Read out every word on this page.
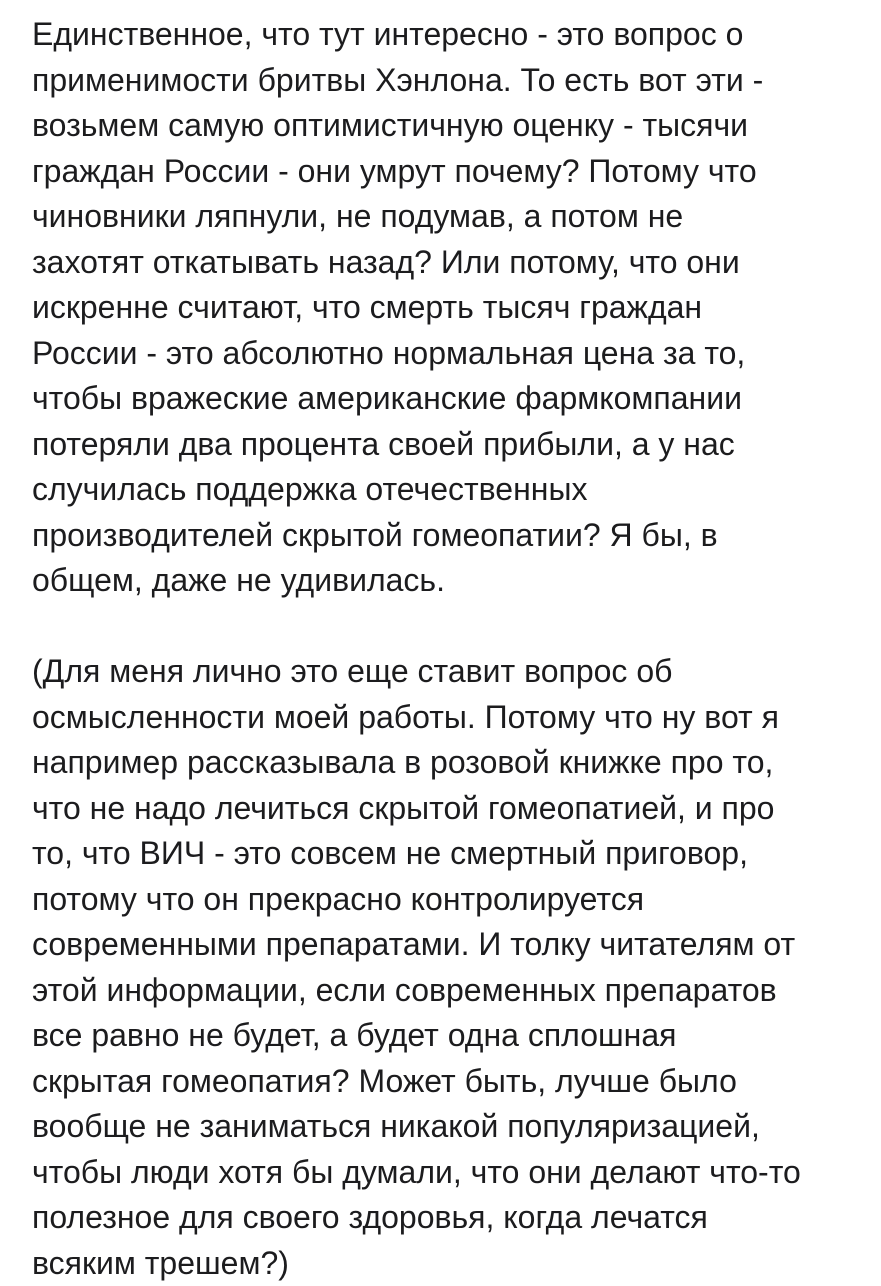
Единственное, что тут интересно - это вопрос о
применимости бритвы Хэнлона. То есть вот эти -
возьмем самую оптимистичную оценку - тысячи
граждан России - они умрут почему? Потому что
чиновники ляпнули, не подумав, а потом не
захотят откатывать назад? Или потому, что они
искренне считают, что смерть тысяч граждан
России - это абсолютно нормальная цена за то,
чтобы вражеские американские фармкомпании
потеряли два процента своей прибыли, а у нас
случилась поддержка отечественных
производителей скрытой гомеопатии? Я бы, в
общем, даже не удивилась.

(Для меня лично это еще ставит вопрос об
осмысленности моей работы. Потому что ну вот я
например рассказывала в розовой книжке про то,
что не надо лечиться скрытой гомеопатией, и про
то, что ВИЧ - это совсем не смертный приговор,
потому что он прекрасно контролируется
современными препаратами. И толку читателям от
этой информации, если современных препаратов
все равно не будет, а будет одна сплошная
скрытая гомеопатия? Может быть, лучше было
вообще не заниматься никакой популяризацией,
чтобы люди хотя бы думали, что они делают что-то
полезное для своего здоровья, когда лечатся
всяким трешем?)
